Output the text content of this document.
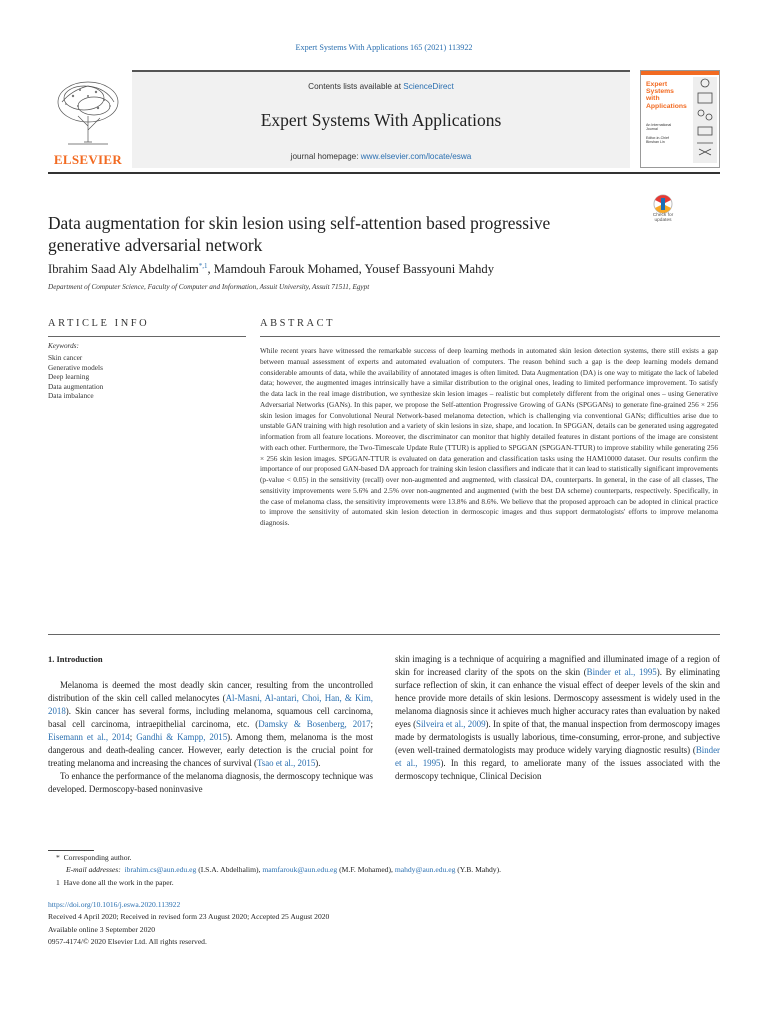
Expert Systems With Applications 165 (2021) 113922
ELSEVIER
Contents lists available at ScienceDirect
Expert Systems With Applications
journal homepage: www.elsevier.com/locate/eswa
Expert
Systems
with
Applications
An International
Journal

Editor-in-Chief
Binshan Lin
Data augmentation for skin lesion using self-attention based progressive
generative adversarial network
Check for
updates
Ibrahim Saad Aly Abdelhalim$^{*,1}$, Mamdouh Farouk Mohamed, Yousef Bassyouni Mahdy
Department of Computer Science, Faculty of Computer and Information, Assuit University, Assuit 71511, Egypt
ARTICLE INFO	ABSTRACT
Keywords:
Skin cancer
Generative models
Deep learning
Data augmentation
Data imbalance
While recent years have witnessed the remarkable success of deep learning methods in automated skin lesion detection systems, there still exists a gap between manual assessment of experts and automated evaluation of computers. The reason behind such a gap is the deep learning models demand considerable amounts of data, while the availability of annotated images is often limited. Data Augmentation (DA) is one way to mitigate the lack of labeled data; however, the augmented images intrinsically have a similar distribution to the original ones, leading to limited performance improvement. To satisfy the data lack in the real image distribution, we synthesize skin lesion images – realistic but completely different from the original ones – using Generative Adversarial Networks (GANs). In this paper, we propose the Self-attention Progressive Growing of GANs (SPGGANs) to generate fine-grained 256 × 256 skin lesion images for Convolutional Neural Network-based melanoma detection, which is challenging via conventional GANs; difficulties arise due to unstable GAN training with high resolution and a variety of skin lesions in size, shape, and location. In SPGGAN, details can be generated using aggregated information from all feature locations. Moreover, the discriminator can monitor that highly detailed features in distant portions of the image are consistent with each other. Furthermore, the Two-Timescale Update Rule (TTUR) is applied to SPGGAN (SPGGAN-TTUR) to improve stability while generating 256 × 256 skin lesion images. SPGGAN-TTUR is evaluated on data generation and classification tasks using the HAM10000 dataset. Our results confirm the importance of our proposed GAN-based DA approach for training skin lesion classifiers and indicate that it can lead to statistically significant improvements (p-value < 0.05) in the sensitivity (recall) over non-augmented and augmented, with classical DA, counterparts. In general, in the case of all classes, The sensitivity improvements were 5.6% and 2.5% over non-augmented and augmented (with the best DA scheme) counterparts, respectively. Specifically, in the case of melanoma class, the sensitivity improvements were 13.8% and 8.6%. We believe that the proposed approach can be adopted in clinical practice to improve the sensitivity of automated skin lesion detection in dermoscopic images and thus support dermatologists' efforts to improve melanoma diagnosis.

1. Introduction

Melanoma is deemed the most deadly skin cancer, resulting from the uncontrolled distribution of the skin cell called melanocytes (Al-Masni, Al-antari, Choi, Han, & Kim, 2018). Skin cancer has several forms, including melanoma, squamous cell carcinoma, basal cell carcinoma, intraepithelial carcinoma, etc. (Damsky & Bosenberg, 2017; Eisemann et al., 2014; Gandhi & Kampp, 2015). Among them, melanoma is the most dangerous and death-dealing cancer. However, early detection is the crucial point for treating melanoma and increasing the chances of survival (Tsao et al., 2015).

To enhance the performance of the melanoma diagnosis, the dermoscopy technique was developed. Dermoscopy-based noninvasive

skin imaging is a technique of acquiring a magnified and illuminated image of a region of skin for increased clarity of the spots on the skin (Binder et al., 1995). By eliminating surface reflection of skin, it can enhance the visual effect of deeper levels of the skin and hence provide more details of skin lesions. Dermoscopy assessment is widely used in the melanoma diagnosis since it achieves much higher accuracy rates than evaluation by naked eyes (Silveira et al., 2009). In spite of that, the manual inspection from dermoscopy images made by dermatologists is usually laborious, time-consuming, error-prone, and subjective (even well-trained dermatologists may produce widely varying diagnostic results) (Binder et al., 1995). In this regard, to ameliorate many of the issues associated with the dermoscopy technique, Clinical Decision

* Corresponding author.
E-mail addresses: ibrahim.cs@aun.edu.eg (I.S.A. Abdelhalim), mamfarouk@aun.edu.eg (M.F. Mohamed), mahdy@aun.edu.eg (Y.B. Mahdy).
1 Have done all the work in the paper.
https://doi.org/10.1016/j.eswa.2020.113922
Received 4 April 2020; Received in revised form 23 August 2020; Accepted 25 August 2020
Available online 3 September 2020
0957-4174/© 2020 Elsevier Ltd. All rights reserved.
